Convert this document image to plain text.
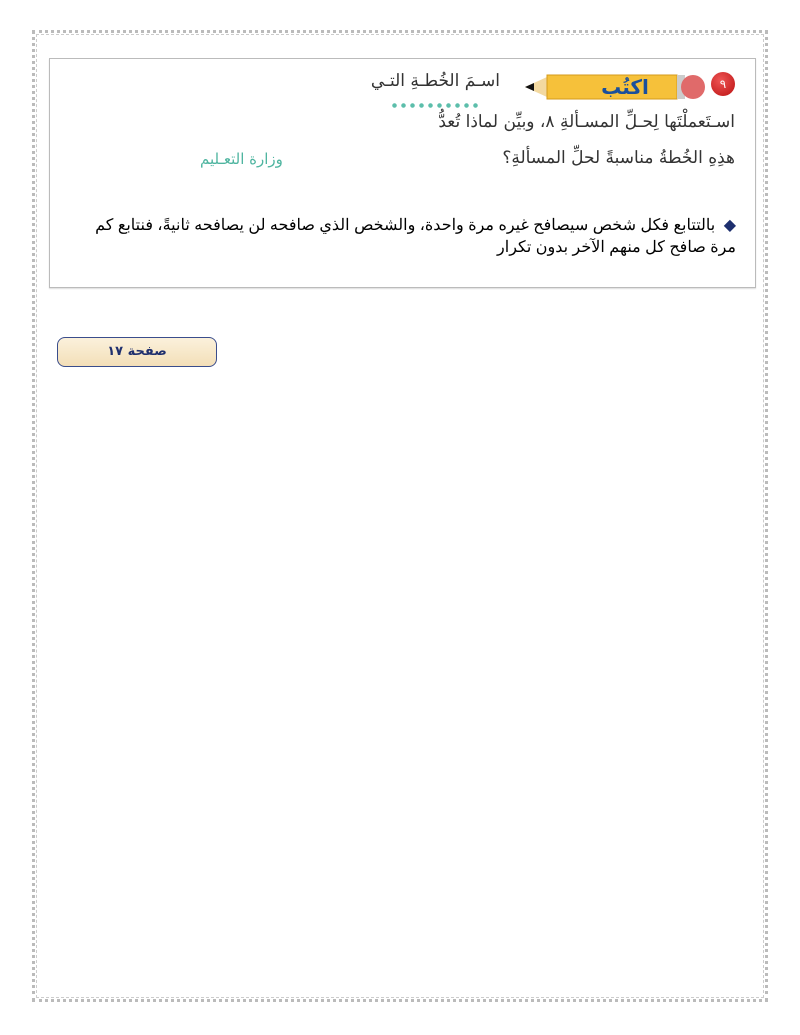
٩
اكتُب
اسـمَ الخُطـةِ التـي
اسـتَعملْتَها لِحـلِّ المسـألةِ ٨، وبيِّن لماذا تُعدُّ
هذِهِ الخُطةُ مناسبةً لحلِّ المسألةِ؟
وزارة التعـليم
◆ بالتتابع فكل شخص سيصافح غيره مرة واحدة، والشخص الذي صافحه لن يصافحه ثانيةً، فنتابع كم مرة صافح كل منهم الآخر بدون تكرار
صفحة ١٧
